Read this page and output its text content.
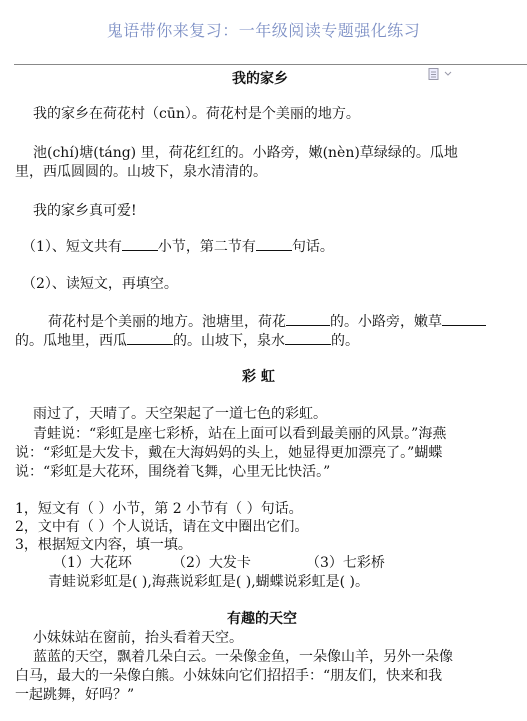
鬼语带你来复习：一年级阅读专题强化练习
我的家乡
我的家乡在荷花村（cūn）。荷花村是个美丽的地方。
池(chí)塘(táng) 里，荷花红红的。小路旁，嫩(nèn)草绿绿的。瓜地
里，西瓜圆圆的。山坡下，泉水清清的。
我的家乡真可爱!
（1）、短文共有	小节，第二节有	句话。
（2）、读短文，再填空。
荷花村是个美丽的地方。池塘里，荷花	的。小路旁，嫩草
的。瓜地里，西瓜	的。山坡下，泉水	的。
彩 虹
雨过了，天晴了。天空架起了一道七色的彩虹。
青蛙说：“彩虹是座七彩桥，站在上面可以看到最美丽的风景。”海燕
说：“彩虹是大发卡，戴在大海妈妈的头上，她显得更加漂亮了。”蝴蝶
说：“彩虹是大花环，围绕着飞舞，心里无比快活。”
1，短文有（ ）小节，第 2 小节有（ ）句话。
2，文中有（ ）个人说话，请在文中圈出它们。
3，根据短文内容，填一填。
（1）大花环	（2）大发卡	（3）七彩桥
青蛙说彩虹是( ),海燕说彩虹是( ),蝴蝶说彩虹是( )。
有趣的天空
小妹妹站在窗前，抬头看着天空。
蓝蓝的天空，飘着几朵白云。一朵像金鱼，一朵像山羊，另外一朵像
白马，最大的一朵像白熊。小妹妹向它们招招手：“朋友们，快来和我
一起跳舞，好吗？”
